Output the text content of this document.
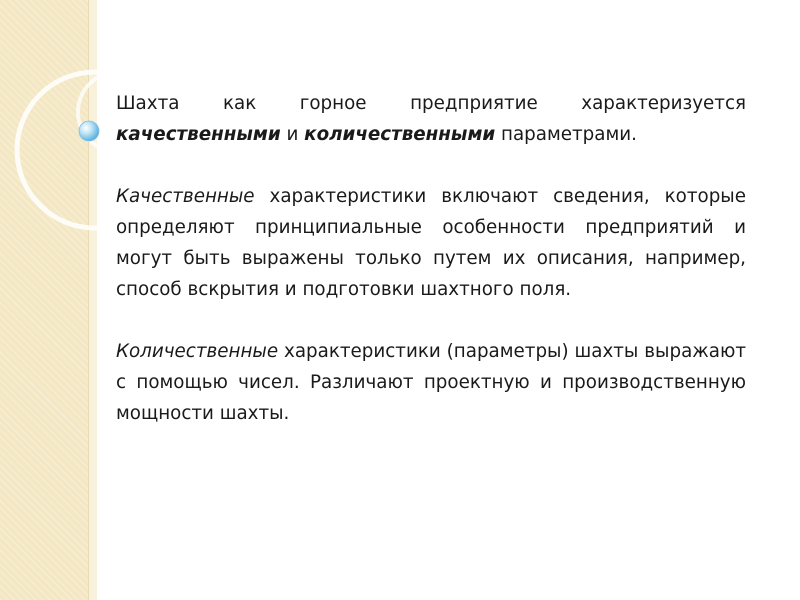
Шахта как горное предприятие характеризуется качественными и количественными параметрами.

Качественные характеристики включают сведения, которые определяют принципиальные особенности предприятий и могут быть выражены только путем их описания, например, способ вскрытия и подготовки шахтного поля.

Количественные характеристики (параметры) шахты выражают с помощью чисел. Различают проектную и производственную мощности шахты.
